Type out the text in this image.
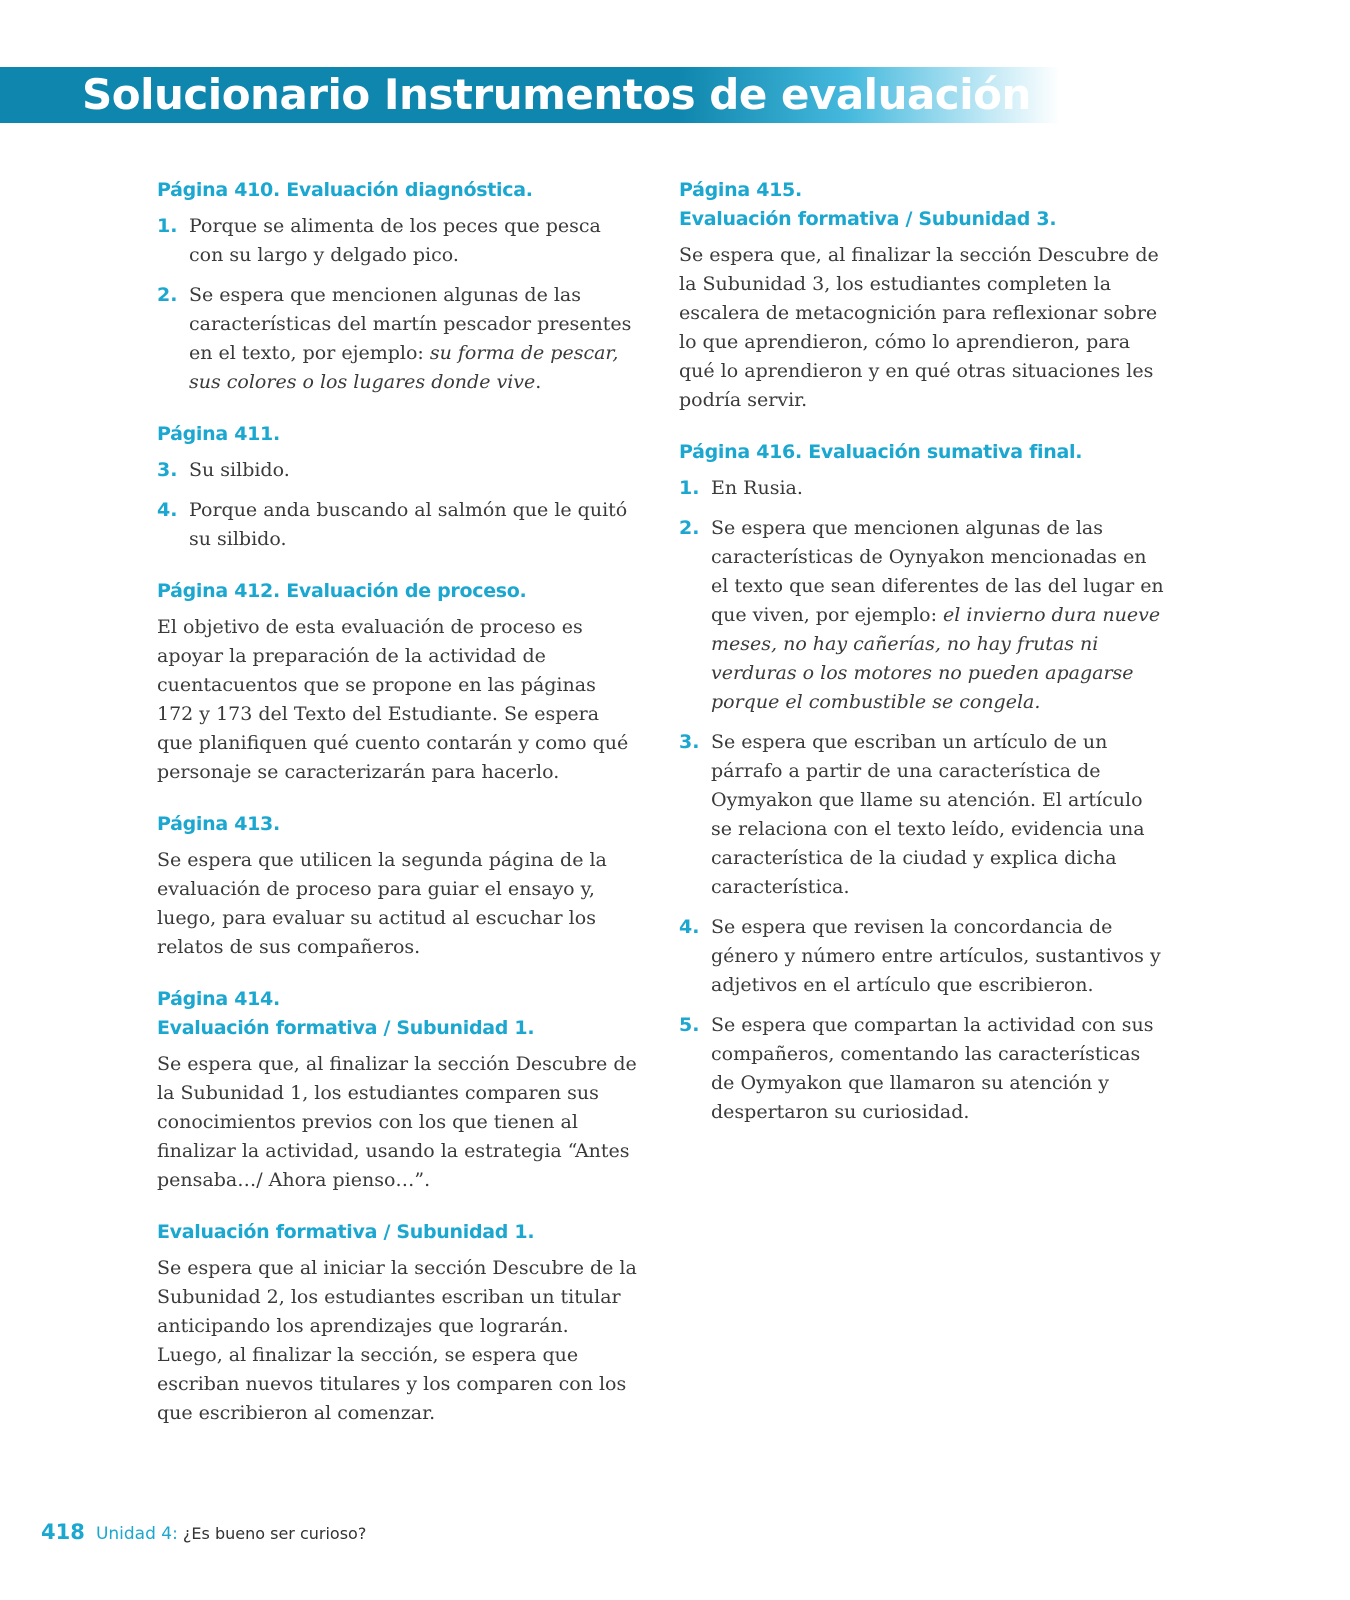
Solucionario Instrumentos de evaluación
Página 410. Evaluación diagnóstica.
1. Porque se alimenta de los peces que pesca con su largo y delgado pico.
2. Se espera que mencionen algunas de las características del martín pescador presentes en el texto, por ejemplo: su forma de pescar, sus colores o los lugares donde vive.
Página 411.
3. Su silbido.
4. Porque anda buscando al salmón que le quitó su silbido.
Página 412. Evaluación de proceso.

El objetivo de esta evaluación de proceso es apoyar la preparación de la actividad de cuentacuentos que se propone en las páginas 172 y 173 del Texto del Estudiante. Se espera que planifiquen qué cuento contarán y como qué personaje se caracterizarán para hacerlo.

Página 413.

Se espera que utilicen la segunda página de la evaluación de proceso para guiar el ensayo y, luego, para evaluar su actitud al escuchar los relatos de sus compañeros.

Página 414.
Evaluación formativa / Subunidad 1.

Se espera que, al finalizar la sección Descubre de la Subunidad 1, los estudiantes comparen sus conocimientos previos con los que tienen al finalizar la actividad, usando la estrategia “Antes pensaba…/ Ahora pienso…”.

Evaluación formativa / Subunidad 1.

Se espera que al iniciar la sección Descubre de la Subunidad 2, los estudiantes escriban un titular anticipando los aprendizajes que lograrán. Luego, al finalizar la sección, se espera que escriban nuevos titulares y los comparen con los que escribieron al comenzar.

Página 415.
Evaluación formativa / Subunidad 3.

Se espera que, al finalizar la sección Descubre de la Subunidad 3, los estudiantes completen la escalera de metacognición para reflexionar sobre lo que aprendieron, cómo lo aprendieron, para qué lo aprendieron y en qué otras situaciones les podría servir.

Página 416. Evaluación sumativa final.
1. En Rusia.
2. Se espera que mencionen algunas de las características de Oynyakon mencionadas en el texto que sean diferentes de las del lugar en que viven, por ejemplo: el invierno dura nueve meses, no hay cañerías, no hay frutas ni verduras o los motores no pueden apagarse porque el combustible se congela.
3. Se espera que escriban un artículo de un párrafo a partir de una característica de Oymyakon que llame su atención. El artículo se relaciona con el texto leído, evidencia una característica de la ciudad y explica dicha característica.
4. Se espera que revisen la concordancia de género y número entre artículos, sustantivos y adjetivos en el artículo que escribieron.
5. Se espera que compartan la actividad con sus compañeros, comentando las características de Oymyakon que llamaron su atención y despertaron su curiosidad.
418 Unidad 4: ¿Es bueno ser curioso?
